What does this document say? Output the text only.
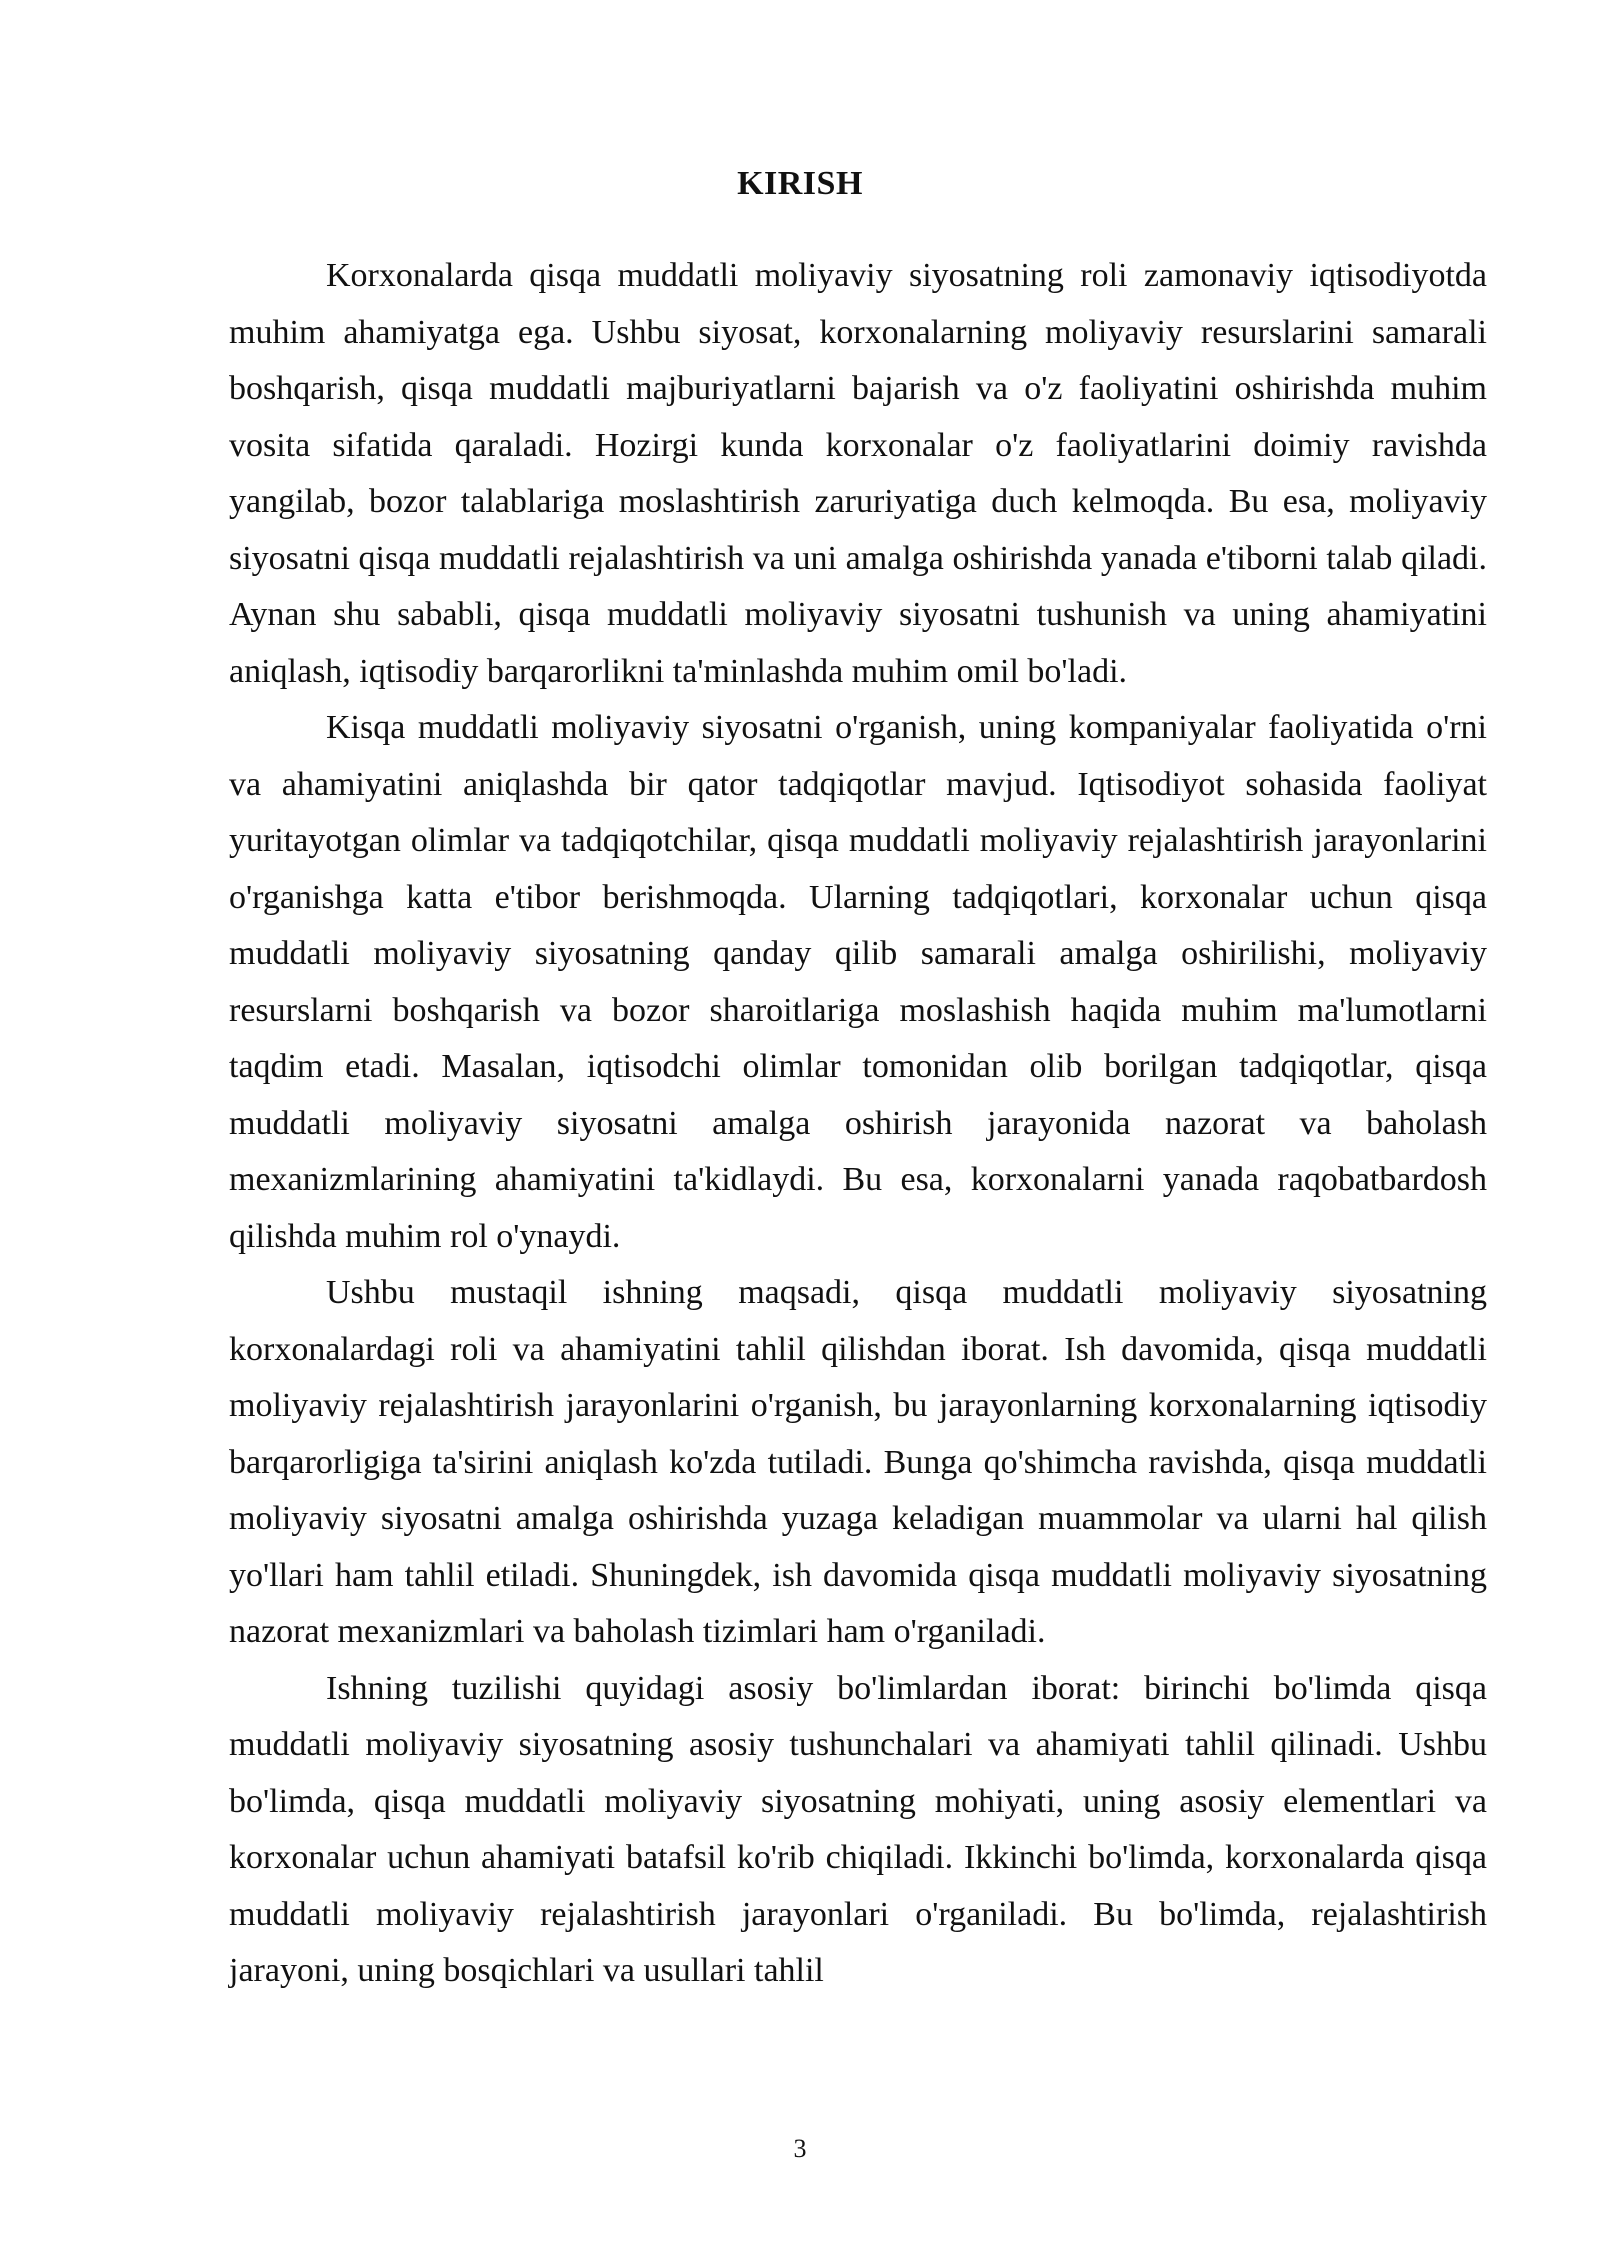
KIRISH

Korxonalarda qisqa muddatli moliyaviy siyosatning roli zamonaviy iqtisodiyotda muhim ahamiyatga ega. Ushbu siyosat, korxonalarning moliyaviy resurslarini samarali boshqarish, qisqa muddatli majburiyatlarni bajarish va o'z faoliyatini oshirishda muhim vosita sifatida qaraladi. Hozirgi kunda korxonalar o'z faoliyatlarini doimiy ravishda yangilab, bozor talablariga moslashtirish zaruriyatiga duch kelmoqda. Bu esa, moliyaviy siyosatni qisqa muddatli rejalashtirish va uni amalga oshirishda yanada e'tiborni talab qiladi. Aynan shu sababli, qisqa muddatli moliyaviy siyosatni tushunish va uning ahamiyatini aniqlash, iqtisodiy barqarorlikni ta'minlashda muhim omil bo'ladi.

Kisqa muddatli moliyaviy siyosatni o'rganish, uning kompaniyalar faoliyatida o'rni va ahamiyatini aniqlashda bir qator tadqiqotlar mavjud. Iqtisodiyot sohasida faoliyat yuritayotgan olimlar va tadqiqotchilar, qisqa muddatli moliyaviy rejalashtirish jarayonlarini o'rganishga katta e'tibor berishmoqda. Ularning tadqiqotlari, korxonalar uchun qisqa muddatli moliyaviy siyosatning qanday qilib samarali amalga oshirilishi, moliyaviy resurslarni boshqarish va bozor sharoitlariga moslashish haqida muhim ma'lumotlarni taqdim etadi. Masalan, iqtisodchi olimlar tomonidan olib borilgan tadqiqotlar, qisqa muddatli moliyaviy siyosatni amalga oshirish jarayonida nazorat va baholash mexanizmlarining ahamiyatini ta'kidlaydi. Bu esa, korxonalarni yanada raqobatbardosh qilishda muhim rol o'ynaydi.

Ushbu mustaqil ishning maqsadi, qisqa muddatli moliyaviy siyosatning korxonalardagi roli va ahamiyatini tahlil qilishdan iborat. Ish davomida, qisqa muddatli moliyaviy rejalashtirish jarayonlarini o'rganish, bu jarayonlarning korxonalarning iqtisodiy barqarorligiga ta'sirini aniqlash ko'zda tutiladi. Bunga qo'shimcha ravishda, qisqa muddatli moliyaviy siyosatni amalga oshirishda yuzaga keladigan muammolar va ularni hal qilish yo'llari ham tahlil etiladi. Shuningdek, ish davomida qisqa muddatli moliyaviy siyosatning nazorat mexanizmlari va baholash tizimlari ham o'rganiladi.

Ishning tuzilishi quyidagi asosiy bo'limlardan iborat: birinchi bo'limda qisqa muddatli moliyaviy siyosatning asosiy tushunchalari va ahamiyati tahlil qilinadi. Ushbu bo'limda, qisqa muddatli moliyaviy siyosatning mohiyati, uning asosiy elementlari va korxonalar uchun ahamiyati batafsil ko'rib chiqiladi. Ikkinchi bo'limda, korxonalarda qisqa muddatli moliyaviy rejalashtirish jarayonlari o'rganiladi. Bu bo'limda, rejalashtirish jarayoni, uning bosqichlari va usullari tahlil

3
